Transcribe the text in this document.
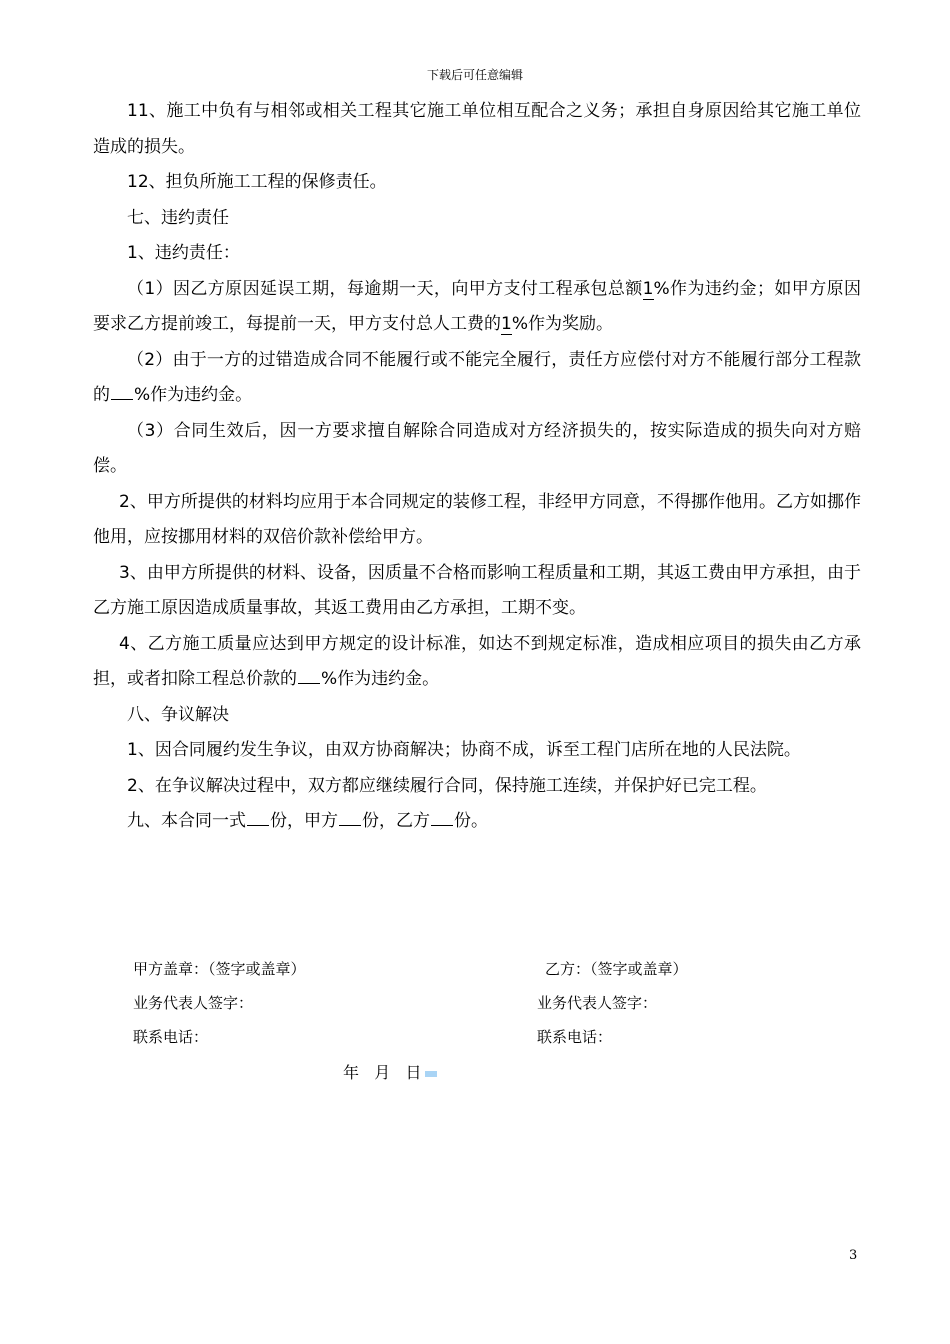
下载后可任意编辑

11、施工中负有与相邻或相关工程其它施工单位相互配合之义务；承担自身原因给其它施工单位造成的损失。

12、担负所施工工程的保修责任。

七、违约责任

1、违约责任：

（1）因乙方原因延误工期，每逾期一天，向甲方支付工程承包总额1%作为违约金；如甲方原因要求乙方提前竣工，每提前一天，甲方支付总人工费的1%作为奖励。

（2）由于一方的过错造成合同不能履行或不能完全履行，责任方应偿付对方不能履行部分工程款的 %作为违约金。

（3）合同生效后，因一方要求擅自解除合同造成对方经济损失的，按实际造成的损失向对方赔偿。

2、甲方所提供的材料均应用于本合同规定的装修工程，非经甲方同意，不得挪作他用。乙方如挪作他用，应按挪用材料的双倍价款补偿给甲方。

3、由甲方所提供的材料、设备，因质量不合格而影响工程质量和工期，其返工费由甲方承担，由于乙方施工原因造成质量事故，其返工费用由乙方承担，工期不变。

4、乙方施工质量应达到甲方规定的设计标准，如达不到规定标准，造成相应项目的损失由乙方承担，或者扣除工程总价款的 %作为违约金。

八、争议解决

1、因合同履约发生争议，由双方协商解决；协商不成，诉至工程门店所在地的人民法院。

2、在争议解决过程中，双方都应继续履行合同，保持施工连续，并保护好已完工程。

九、本合同一式 份，甲方 份，乙方 份。

甲方盖章：（签字或盖章）	乙方：（签字或盖章）
业务代表人签字：	业务代表人签字：
联系电话：	联系电话：
年   月   日
3
